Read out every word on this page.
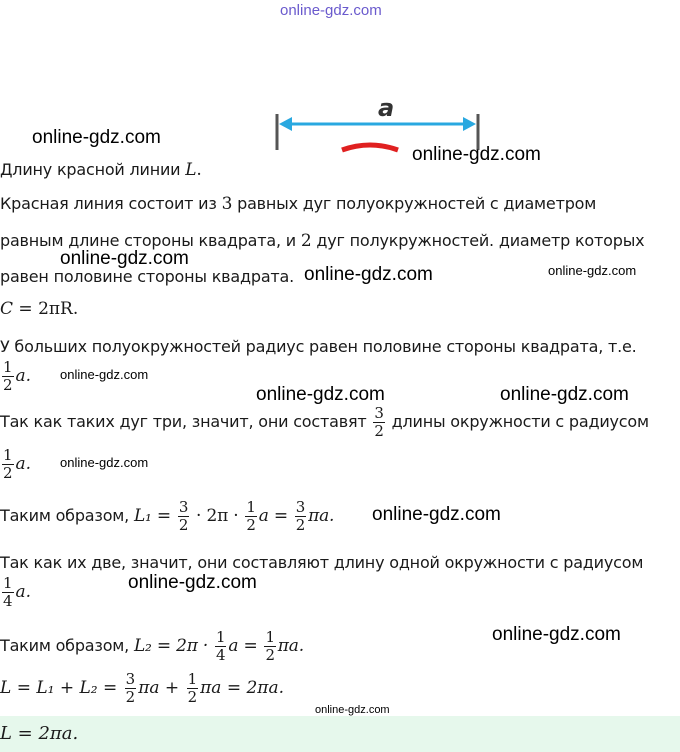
online-gdz.com
a
online-gdz.com
online-gdz.com
online-gdz.com
online-gdz.com	online-gdz.com
online-gdz.com
online-gdz.com	online-gdz.com
online-gdz.com
online-gdz.com
online-gdz.com
online-gdz.com
online-gdz.com
Длину красной линии L.
Красная линия состоит из 3 равных дуг полуокружностей с диаметром
равным длине стороны квадрата, и 2 дуг полукружностей. диаметр которых
равен половине стороны квадрата.
C = 2πR.
У больших полуокружностей радиус равен половине стороны квадрата, т.е.
$\frac{1}{2} a$.
Так как таких дуг три, значит, они составят $\frac{3}{2}$ длины окружности с радиусом
$\frac{1}{2} a$.
Таким образом, $L_1 = \frac{3}{2} \cdot 2\pi \cdot \frac{1}{2}$ $a = \frac{3}{2} \pi a$.
Так как их две, значит, они составляют длину одной окружности с радиусом
$\frac{1}{4} a$.
Таким образом, $L_2 = 2\pi \cdot \frac{1}{4}$ $a = \frac{1}{2} \pi a$.
$L = L_1 + L_2 = \frac{3}{2}$ $\pi a + \frac{1}{2}$ πa = 2πa.
L = 2πa.
